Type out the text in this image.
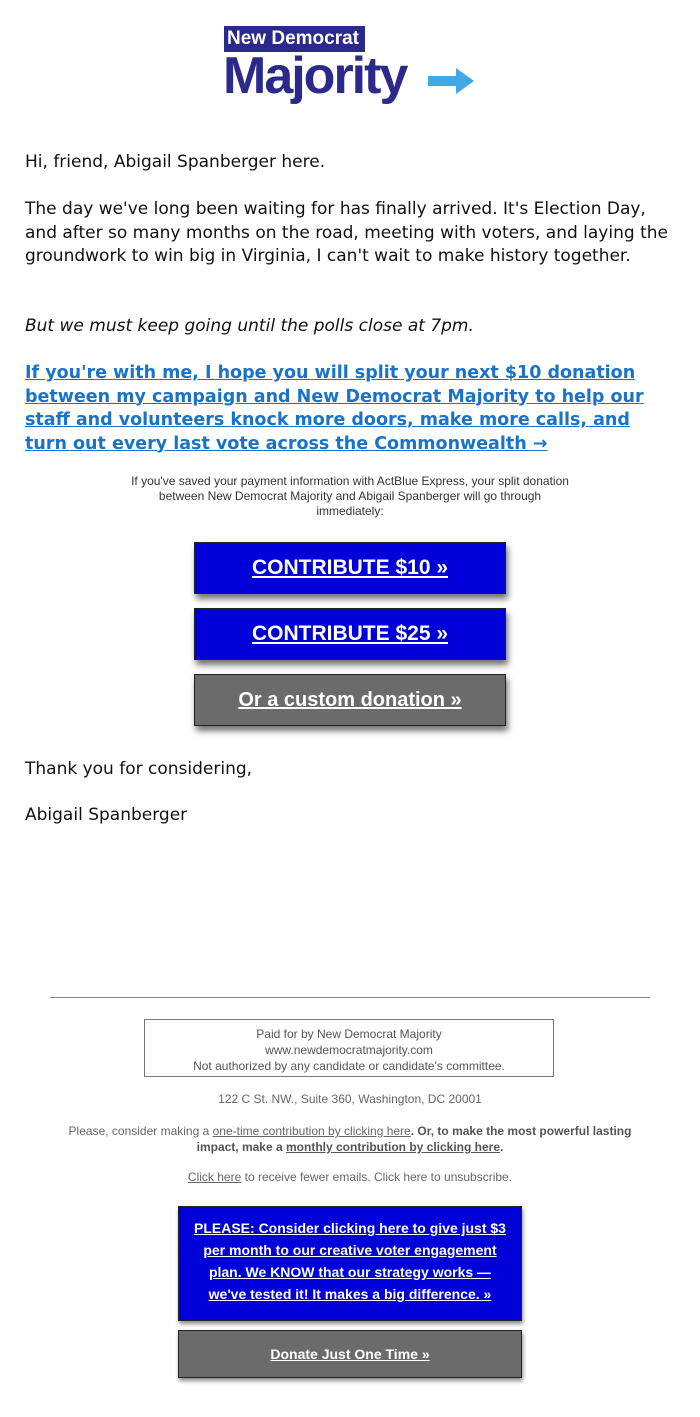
New Democrat
Majority

Hi, friend, Abigail Spanberger here.

The day we've long been waiting for has finally arrived. It's Election Day, and after so many months on the road, meeting with voters, and laying the groundwork to win big in Virginia, I can't wait to make history together.

But we must keep going until the polls close at 7pm.

If you're with me, I hope you will split your next $10 donation between my campaign and New Democrat Majority to help our staff and volunteers knock more doors, make more calls, and turn out every last vote across the Commonwealth →

If you've saved your payment information with ActBlue Express, your split donation between New Democrat Majority and Abigail Spanberger will go through immediately:
CONTRIBUTE $10 »
CONTRIBUTE $25 »
Or a custom donation »

Thank you for considering,

Abigail Spanberger

Paid for by New Democrat Majority
www.newdemocratmajority.com
Not authorized by any candidate or candidate's committee.
122 C St. NW., Suite 360, Washington, DC 20001
Please, consider making a one-time contribution by clicking here. Or, to make the most powerful lasting impact, make a monthly contribution by clicking here.
Click here to receive fewer emails. Click here to unsubscribe.
PLEASE: Consider clicking here to give just $3 per month to our creative voter engagement plan. We KNOW that our strategy works — we've tested it! It makes a big difference. »
Donate Just One Time »
